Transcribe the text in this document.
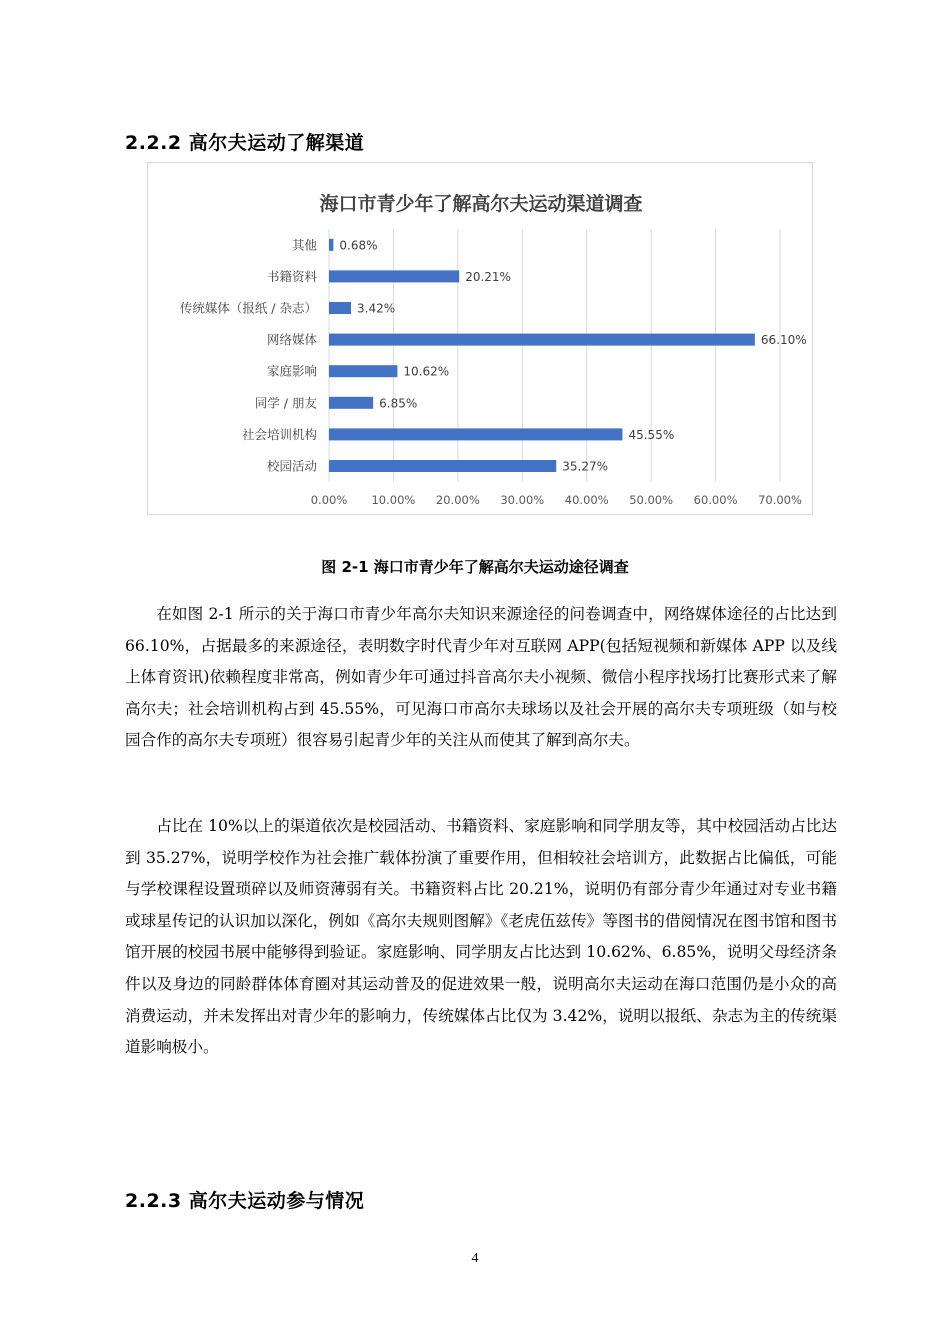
2.2.2 高尔夫运动了解渠道
海口市青少年了解高尔夫运动渠道调查
0.00% 10.00% 20.00% 30.00% 40.00% 50.00% 60.00% 70.00%
其他 0.68%
书籍资料	20.21%
传统媒体（报纸 / 杂志）	3.42%
网络媒体	66.10%
家庭影响	10.62%
同学 / 朋友	6.85%
社会培训机构	45.55%
校园活动	35.27%
图 2-1 海口市青少年了解高尔夫运动途径调查

在如图 2-1 所示的关于海口市青少年高尔夫知识来源途径的问卷调查中，网络媒体途径的占比达到 66.10%，占据最多的来源途径，表明数字时代青少年对互联网 APP(包括短视频和新媒体 APP 以及线上体育资讯)依赖程度非常高，例如青少年可通过抖音高尔夫小视频、微信小程序找场打比赛形式来了解高尔夫；社会培训机构占到 45.55%，可见海口市高尔夫球场以及社会开展的高尔夫专项班级（如与校园合作的高尔夫专项班）很容易引起青少年的关注从而使其了解到高尔夫。

占比在 10%以上的渠道依次是校园活动、书籍资料、家庭影响和同学朋友等，其中校园活动占比达到 35.27%，说明学校作为社会推广载体扮演了重要作用，但相较社会培训方，此数据占比偏低，可能与学校课程设置琐碎以及师资薄弱有关。书籍资料占比 20.21%，说明仍有部分青少年通过对专业书籍或球星传记的认识加以深化，例如《高尔夫规则图解》《老虎伍兹传》等图书的借阅情况在图书馆和图书馆开展的校园书展中能够得到验证。家庭影响、同学朋友占比达到 10.62%、6.85%，说明父母经济条件以及身边的同龄群体体育圈对其运动普及的促进效果一般，说明高尔夫运动在海口范围仍是小众的高消费运动，并未发挥出对青少年的影响力，传统媒体占比仅为 3.42%，说明以报纸、杂志为主的传统渠道影响极小。

2.2.3 高尔夫运动参与情况
4
